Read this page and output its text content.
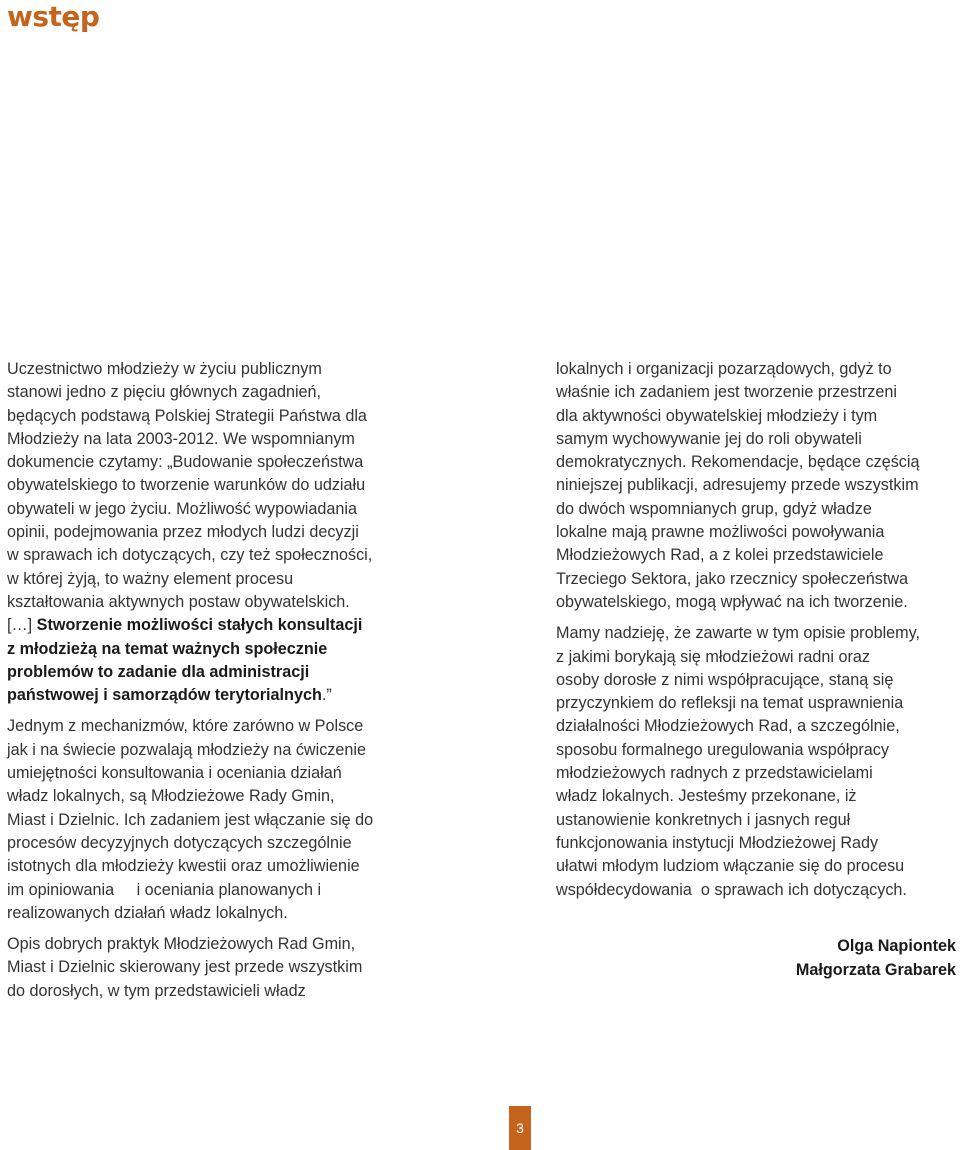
wstęp

Uczestnictwo młodzieży w życiu publicznym
stanowi jedno z pięciu głównych zagadnień,
będących podstawą Polskiej Strategii Państwa dla
Młodzieży na lata 2003-2012. We wspomnianym
dokumencie czytamy: „Budowanie społeczeństwa
obywatelskiego to tworzenie warunków do udziału
obywateli w jego życiu. Możliwość wypowiadania
opinii, podejmowania przez młodych ludzi decyzji
w sprawach ich dotyczących, czy też społeczności,
w której żyją, to ważny element procesu
kształtowania aktywnych postaw obywatelskich.
[…] Stworzenie możliwości stałych konsultacji
z młodzieżą na temat ważnych społecznie
problemów to zadanie dla administracji
państwowej i samorządów terytorialnych.”

Jednym z mechanizmów, które zarówno w Polsce
jak i na świecie pozwalają młodzieży na ćwiczenie
umiejętności konsultowania i oceniania działań
władz lokalnych, są Młodzieżowe Rady Gmin,
Miast i Dzielnic. Ich zadaniem jest włączanie się do
procesów decyzyjnych dotyczących szczególnie
istotnych dla młodzieży kwestii oraz umożliwienie
im opiniowania     i oceniania planowanych i
realizowanych działań władz lokalnych.

Opis dobrych praktyk Młodzieżowych Rad Gmin,
Miast i Dzielnic skierowany jest przede wszystkim
do dorosłych, w tym przedstawicieli władz

lokalnych i organizacji pozarządowych, gdyż to
właśnie ich zadaniem jest tworzenie przestrzeni
dla aktywności obywatelskiej młodzieży i tym
samym wychowywanie jej do roli obywateli
demokratycznych. Rekomendacje, będące częścią
niniejszej publikacji, adresujemy przede wszystkim
do dwóch wspomnianych grup, gdyż władze
lokalne mają prawne możliwości powoływania
Młodzieżowych Rad, a z kolei przedstawiciele
Trzeciego Sektora, jako rzecznicy społeczeństwa
obywatelskiego, mogą wpływać na ich tworzenie.

Mamy nadzieję, że zawarte w tym opisie problemy,
z jakimi borykają się młodzieżowi radni oraz
osoby dorosłe z nimi współpracujące, staną się
przyczynkiem do refleksji na temat usprawnienia
działalności Młodzieżowych Rad, a szczególnie,
sposobu formalnego uregulowania współpracy
młodzieżowych radnych z przedstawicielami
władz lokalnych. Jesteśmy przekonane, iż
ustanowienie konkretnych i jasnych reguł
funkcjonowania instytucji Młodzieżowej Rady
ułatwi młodym ludziom włączanie się do procesu
współdecydowania  o sprawach ich dotyczących.

Olga Napiontek
Małgorzata Grabarek
3
